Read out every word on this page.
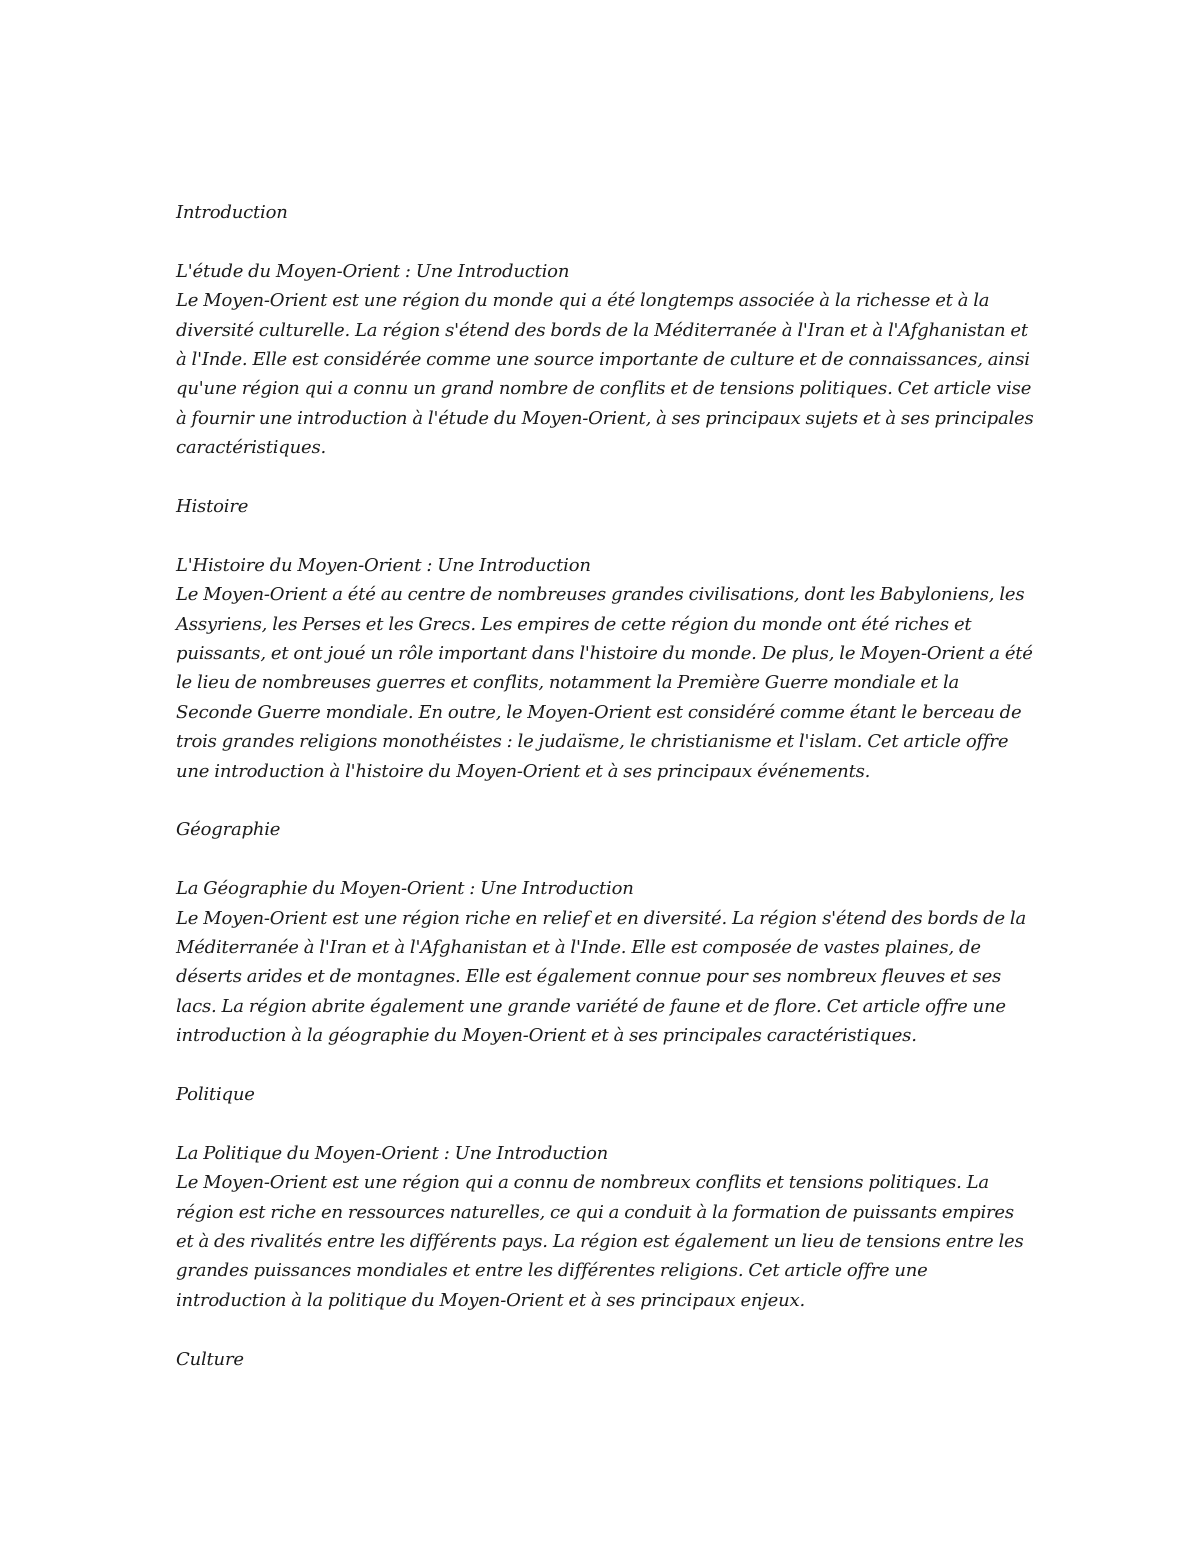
Introduction
L'étude du Moyen-Orient : Une Introduction
Le Moyen-Orient est une région du monde qui a été longtemps associée à la richesse et à la diversité culturelle. La région s'étend des bords de la Méditerranée à l'Iran et à l'Afghanistan et à l'Inde. Elle est considérée comme une source importante de culture et de connaissances, ainsi qu'une région qui a connu un grand nombre de conflits et de tensions politiques. Cet article vise à fournir une introduction à l'étude du Moyen-Orient, à ses principaux sujets et à ses principales caractéristiques.
Histoire
L'Histoire du Moyen-Orient : Une Introduction
Le Moyen-Orient a été au centre de nombreuses grandes civilisations, dont les Babyloniens, les Assyriens, les Perses et les Grecs. Les empires de cette région du monde ont été riches et puissants, et ont joué un rôle important dans l'histoire du monde. De plus, le Moyen-Orient a été le lieu de nombreuses guerres et conflits, notamment la Première Guerre mondiale et la Seconde Guerre mondiale. En outre, le Moyen-Orient est considéré comme étant le berceau de trois grandes religions monothéistes : le judaïsme, le christianisme et l'islam. Cet article offre une introduction à l'histoire du Moyen-Orient et à ses principaux événements.
Géographie
La Géographie du Moyen-Orient : Une Introduction
Le Moyen-Orient est une région riche en relief et en diversité. La région s'étend des bords de la Méditerranée à l'Iran et à l'Afghanistan et à l'Inde. Elle est composée de vastes plaines, de déserts arides et de montagnes. Elle est également connue pour ses nombreux fleuves et ses lacs. La région abrite également une grande variété de faune et de flore. Cet article offre une introduction à la géographie du Moyen-Orient et à ses principales caractéristiques.
Politique
La Politique du Moyen-Orient : Une Introduction
Le Moyen-Orient est une région qui a connu de nombreux conflits et tensions politiques. La région est riche en ressources naturelles, ce qui a conduit à la formation de puissants empires et à des rivalités entre les différents pays. La région est également un lieu de tensions entre les grandes puissances mondiales et entre les différentes religions. Cet article offre une introduction à la politique du Moyen-Orient et à ses principaux enjeux.
Culture
